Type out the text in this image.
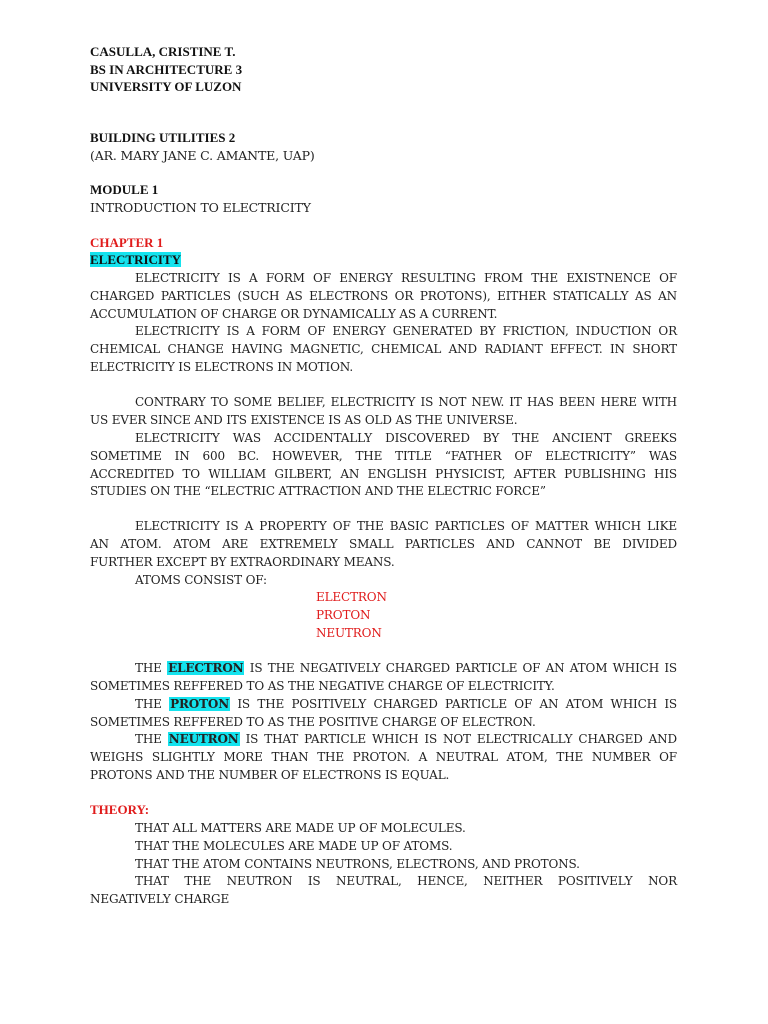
CASULLA, CRISTINE T.
BS IN ARCHITECTURE 3
UNIVERSITY OF LUZON
BUILDING UTILITIES 2
(AR. MARY JANE C. AMANTE, UAP)
MODULE 1
INTRODUCTION TO ELECTRICITY
CHAPTER 1
ELECTRICITY
ELECTRICITY IS A FORM OF ENERGY RESULTING FROM THE EXISTNENCE OF
CHARGED PARTICLES (SUCH AS ELECTRONS OR PROTONS), EITHER STATICALLY AS AN
ACCUMULATION OF CHARGE OR DYNAMICALLY AS A CURRENT.
ELECTRICITY IS A FORM OF ENERGY GENERATED BY FRICTION, INDUCTION OR
CHEMICAL CHANGE HAVING MAGNETIC, CHEMICAL AND RADIANT EFFECT. IN SHORT
ELECTRICITY IS ELECTRONS IN MOTION.
CONTRARY TO SOME BELIEF, ELECTRICITY IS NOT NEW. IT HAS BEEN HERE WITH
US EVER SINCE AND ITS EXISTENCE IS AS OLD AS THE UNIVERSE.
ELECTRICITY WAS ACCIDENTALLY DISCOVERED BY THE ANCIENT GREEKS
SOMETIME IN 600 BC. HOWEVER, THE TITLE “FATHER OF ELECTRICITY” WAS
ACCREDITED TO WILLIAM GILBERT, AN ENGLISH PHYSICIST, AFTER PUBLISHING HIS
STUDIES ON THE “ELECTRIC ATTRACTION AND THE ELECTRIC FORCE”
ELECTRICITY IS A PROPERTY OF THE BASIC PARTICLES OF MATTER WHICH LIKE
AN ATOM. ATOM ARE EXTREMELY SMALL PARTICLES AND CANNOT BE DIVIDED
FURTHER EXCEPT BY EXTRAORDINARY MEANS.
ATOMS CONSIST OF:
ELECTRON
PROTON
NEUTRON
THE ELECTRON IS THE NEGATIVELY CHARGED PARTICLE OF AN ATOM WHICH IS
SOMETIMES REFFERED TO AS THE NEGATIVE CHARGE OF ELECTRICITY.
THE PROTON IS THE POSITIVELY CHARGED PARTICLE OF AN ATOM WHICH IS
SOMETIMES REFFERED TO AS THE POSITIVE CHARGE OF ELECTRON.
THE NEUTRON IS THAT PARTICLE WHICH IS NOT ELECTRICALLY CHARGED AND
WEIGHS SLIGHTLY MORE THAN THE PROTON. A NEUTRAL ATOM, THE NUMBER OF
PROTONS AND THE NUMBER OF ELECTRONS IS EQUAL.
THEORY:
THAT ALL MATTERS ARE MADE UP OF MOLECULES.
THAT THE MOLECULES ARE MADE UP OF ATOMS.
THAT THE ATOM CONTAINS NEUTRONS, ELECTRONS, AND PROTONS.
THAT THE NEUTRON IS NEUTRAL, HENCE, NEITHER POSITIVELY NOR
NEGATIVELY CHARGE
